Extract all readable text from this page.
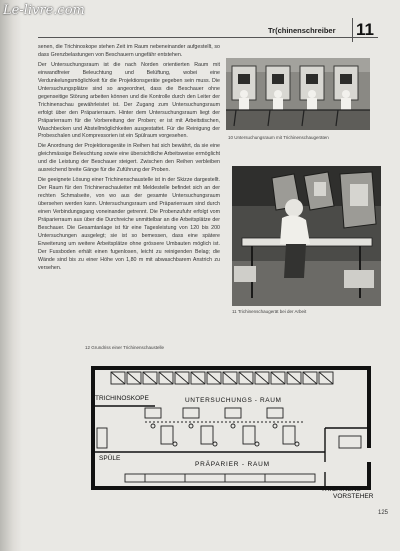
Le-livre.com
Tr(chinenschreiber 11

senen, die Trichinoskope stehen Zeit im Raum nebeneinander aufgestellt, so dass Grenzbelastungen von Beschauern ungefähr entstehen.

Der Untersuchungsraum ist die nach Norden orientierten Raum mit einwandfreier Beleuchtung und Belüftung, wobei eine Verdunkelungsmöglichkeit für die Projektionsgeräte gegeben sein muss. Die Untersuchungsplätze sind so angeordnet, dass die Beschauer ohne gegenseitige Störung arbeiten können und die Kontrolle durch den Leiter der Trichinenschau gewährleistet ist. Der Zugang zum Untersuchungsraum erfolgt über den Präparierraum. Hinter dem Untersuchungsraum liegt der Präparierraum für die Vorbereitung der Proben; er ist mit Arbeitstischen, Waschbecken und Abstellmöglichkeiten ausgestattet. Für die Reinigung der Probeschalen und Kompressorien ist ein Spülraum vorgesehen.

Die Anordnung der Projektionsgeräte in Reihen hat sich bewährt, da sie eine gleichmässige Beleuchtung sowie eine übersichtliche Arbeitsweise ermöglicht und die Leistung der Beschauer steigert. Zwischen den Reihen verbleiben ausreichend breite Gänge für die Zuführung der Proben.

Die geeignete Lösung einer Trichinenschaustelle ist in der Skizze dargestellt. Der Raum für den Trichinenschauleiter mit Meldestelle befindet sich an der rechten Schmalseite, von wo aus der gesamte Untersuchungsraum übersehen werden kann. Untersuchungsraum und Präparierraum sind durch einen Verbindungsgang voneinander getrennt. Die Probenzufuhr erfolgt vom Präparierraum aus über die Durchreiche unmittelbar an die Arbeitsplätze der Beschauer. Die Gesamtanlage ist für eine Tagesleistung von 120 bis 200 Untersuchungen ausgelegt; sie ist so bemessen, dass eine spätere Erweiterung um weitere Arbeitsplätze ohne grössere Umbauten möglich ist. Der Fussboden erhält einen fugenlosen, leicht zu reinigenden Belag; die Wände sind bis zu einer Höhe von 1,80 m mit abwaschbarem Anstrich zu versehen.

10 Untersuchungsraum mit Trichinenschaugeräten
11 Trichinenschaugerät bei der Arbeit
12 Grundriss einer Trichinenschaustelle
TRICHINOSKOPE	UNTERSUCHUNGS - RAUM
SPÜLE
PRÄPARIER - RAUM
TRICHINENS -
VORSTEHER
125
